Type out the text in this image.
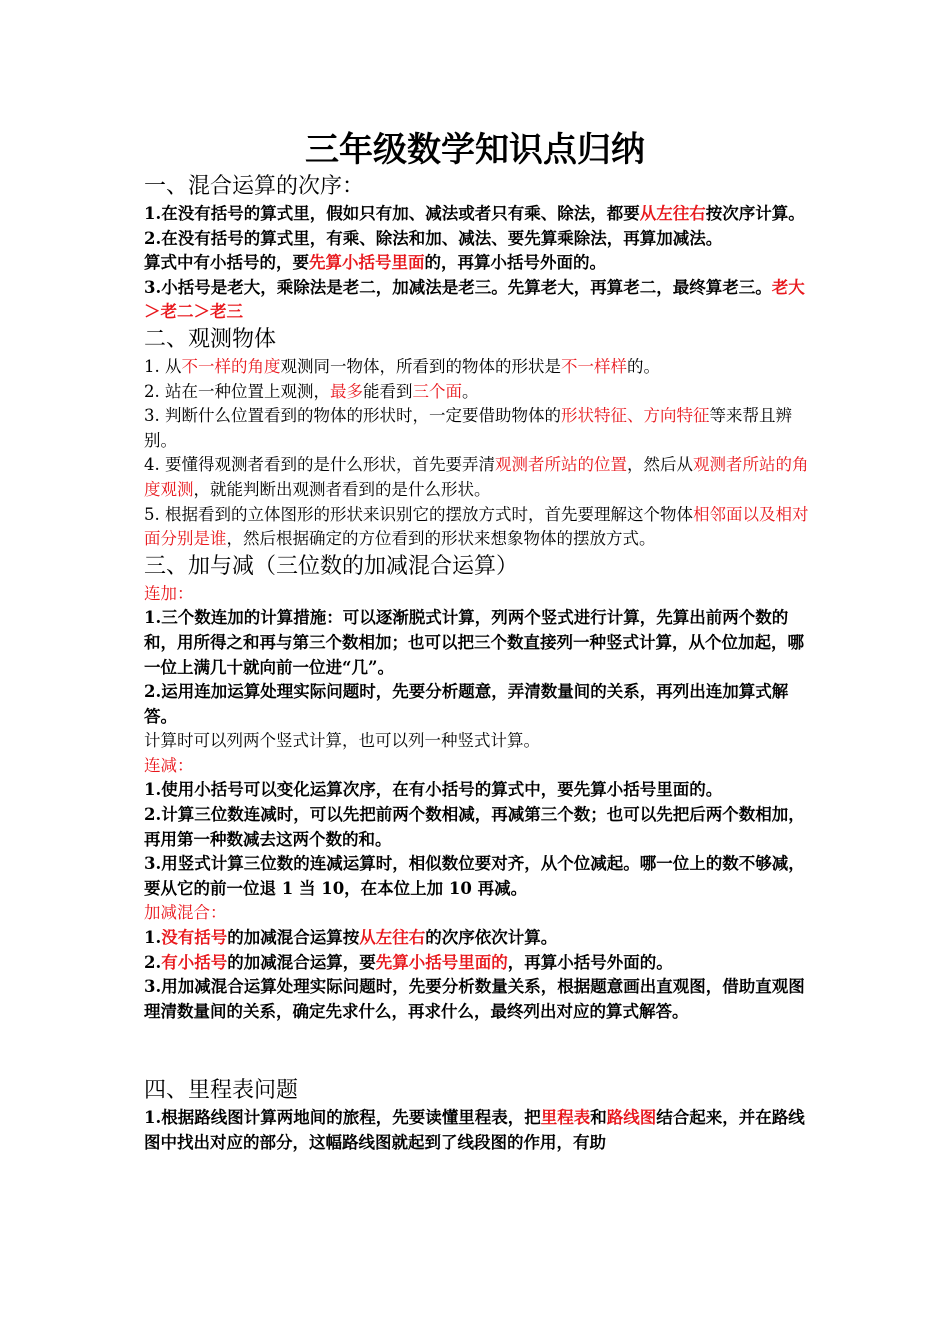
三年级数学知识点归纳
一、混合运算的次序：
1.在没有括号的算式里，假如只有加、减法或者只有乘、除法，都要从左往右按次序计算。
2.在没有括号的算式里，有乘、除法和加、减法、要先算乘除法，再算加减法。
算式中有小括号的，要先算小括号里面的，再算小括号外面的。
3.小括号是老大，乘除法是老二，加减法是老三。先算老大，再算老二，最终算老三。老大＞老二＞老三
二、观测物体
1. 从不一样的角度观测同一物体，所看到的物体的形状是不一样样的。
2. 站在一种位置上观测，最多能看到三个面。
3. 判断什么位置看到的物体的形状时，一定要借助物体的形状特征、方向特征等来帮且辨别。
4. 要懂得观测者看到的是什么形状，首先要弄清观测者所站的位置，然后从观测者所站的角度观测，就能判断出观测者看到的是什么形状。
5. 根据看到的立体图形的形状来识别它的摆放方式时，首先要理解这个物体相邻面以及相对面分别是谁，然后根据确定的方位看到的形状来想象物体的摆放方式。
三、加与减（三位数的加减混合运算）
连加：
1.三个数连加的计算措施：可以逐渐脱式计算，列两个竖式进行计算，先算出前两个数的和，用所得之和再与第三个数相加；也可以把三个数直接列一种竖式计算，从个位加起，哪一位上满几十就向前一位进“几”。
2.运用连加运算处理实际问题时，先要分析题意，弄清数量间的关系，再列出连加算式解答。
计算时可以列两个竖式计算，也可以列一种竖式计算。
连减：
1.使用小括号可以变化运算次序，在有小括号的算式中，要先算小括号里面的。
2.计算三位数连减时，可以先把前两个数相减，再减第三个数；也可以先把后两个数相加，再用第一种数减去这两个数的和。
3.用竖式计算三位数的连减运算时，相似数位要对齐，从个位减起。哪一位上的数不够减，要从它的前一位退 1 当 10，在本位上加 10 再减。
加减混合：
1.没有括号的加减混合运算按从左往右的次序依次计算。
2.有小括号的加减混合运算，要先算小括号里面的，再算小括号外面的。
3.用加减混合运算处理实际问题时，先要分析数量关系，根据题意画出直观图，借助直观图理清数量间的关系，确定先求什么，再求什么，最终列出对应的算式解答。
四、里程表问题
1.根据路线图计算两地间的旅程，先要读懂里程表，把里程表和路线图结合起来，并在路线图中找出对应的部分，这幅路线图就起到了线段图的作用，有助
